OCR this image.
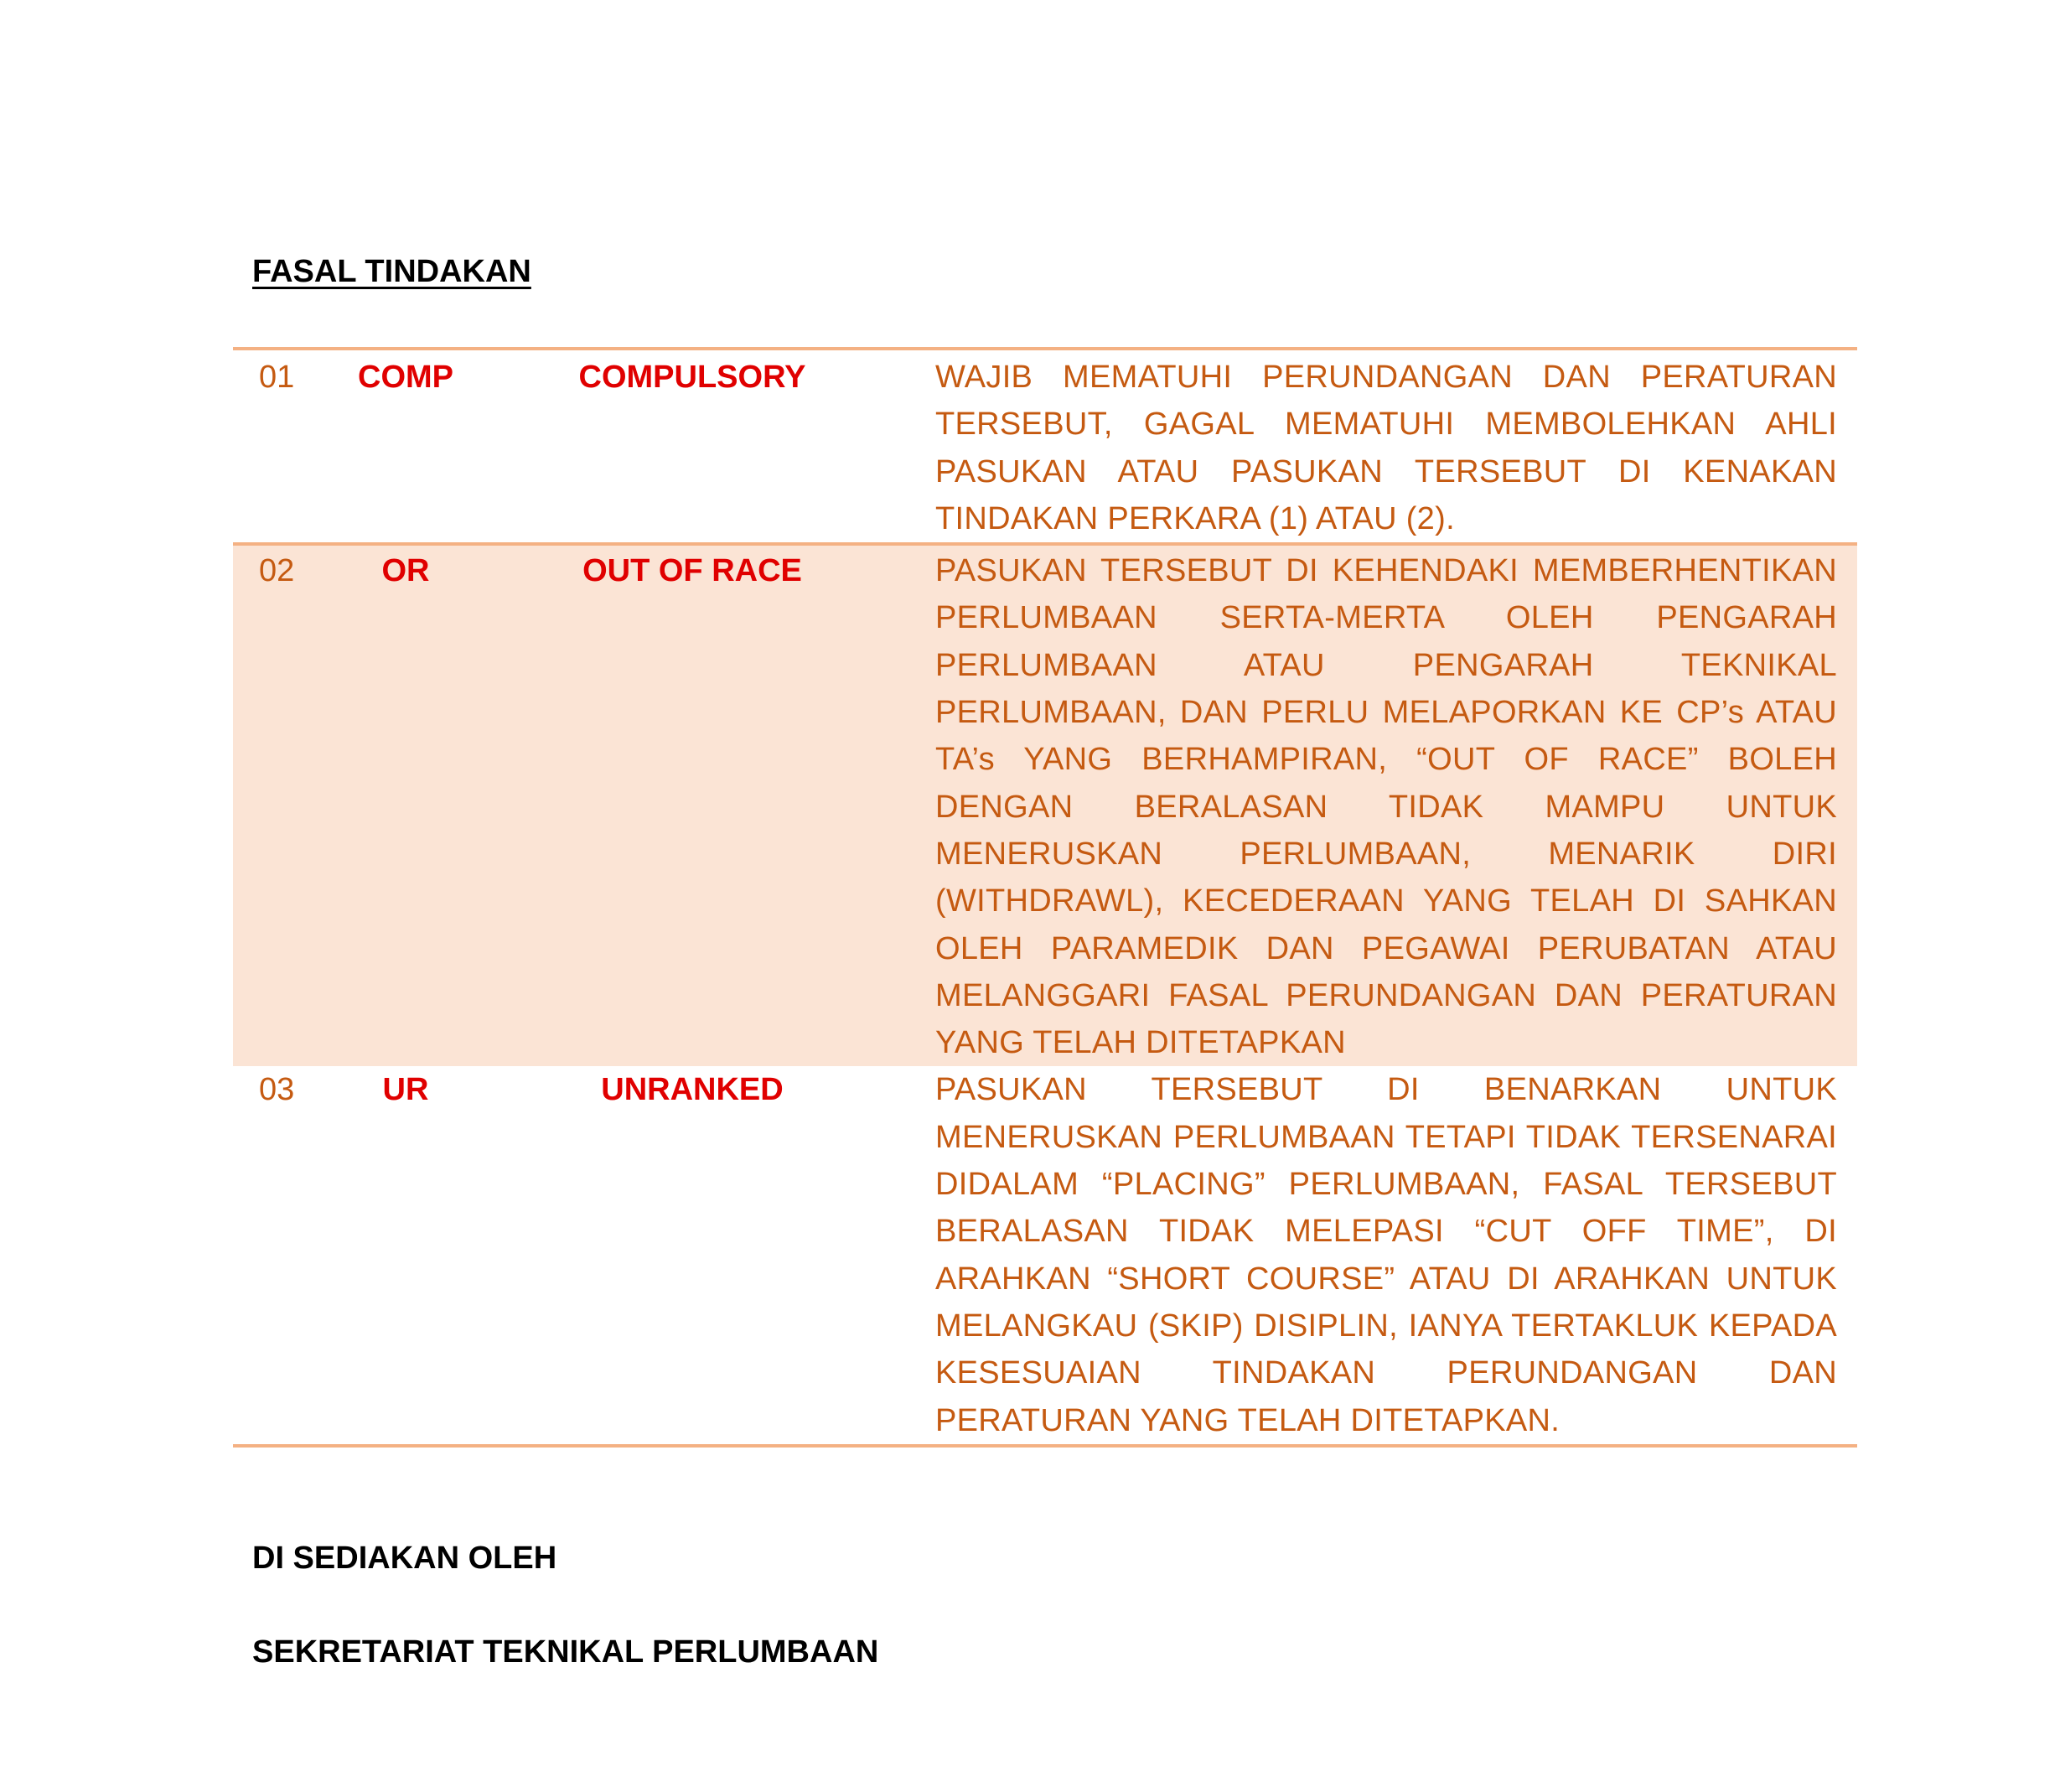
FASAL TINDAKAN
01	COMP	COMPULSORY	WAJIB MEMATUHI PERUNDANGAN DAN PERATURAN TERSEBUT, GAGAL MEMATUHI MEMBOLEHKAN AHLI PASUKAN ATAU PASUKAN TERSEBUT DI KENAKAN TINDAKAN PERKARA (1) ATAU (2).
02	OR	OUT OF RACE	PASUKAN TERSEBUT DI KEHENDAKI MEMBERHENTIKAN PERLUMBAAN SERTA-MERTA OLEH PENGARAH PERLUMBAAN ATAU PENGARAH TEKNIKAL PERLUMBAAN, DAN PERLU MELAPORKAN KE CP’s ATAU TA’s YANG BERHAMPIRAN, “OUT OF RACE” BOLEH DENGAN BERALASAN TIDAK MAMPU UNTUK MENERUSKAN PERLUMBAAN, MENARIK DIRI (WITHDRAWL), KECEDERAAN YANG TELAH DI SAHKAN OLEH PARAMEDIK DAN PEGAWAI PERUBATAN ATAU MELANGGARI FASAL PERUNDANGAN DAN PERATURAN YANG TELAH DITETAPKAN
03	UR	UNRANKED	PASUKAN TERSEBUT DI BENARKAN UNTUK MENERUSKAN PERLUMBAAN TETAPI TIDAK TERSENARAI DIDALAM “PLACING” PERLUMBAAN, FASAL TERSEBUT BERALASAN TIDAK MELEPASI “CUT OFF TIME”, DI ARAHKAN “SHORT COURSE” ATAU DI ARAHKAN UNTUK MELANGKAU (SKIP) DISIPLIN, IANYA TERTAKLUK KEPADA KESESUAIAN TINDAKAN PERUNDANGAN DAN PERATURAN YANG TELAH DITETAPKAN.
DI SEDIAKAN OLEH
SEKRETARIAT TEKNIKAL PERLUMBAAN
